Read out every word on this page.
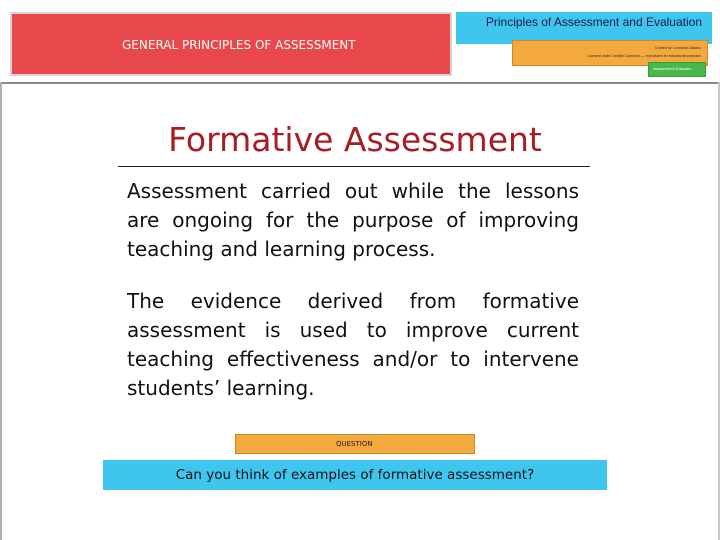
GENERAL PRINCIPLES OF ASSESSMENT
Principles of Assessment and Evaluation
Created by: Leonardo Zaldana
Licensed under Creative Commons — reproduced for educational purposes
Assessment & Evaluation
Formative Assessment
Assessment carried out while the lessons are ongoing for the purpose of improving teaching and learning process.
The evidence derived from formative assessment is used to improve current teaching effectiveness and/or to intervene students’ learning.
QUESTION
Can you think of examples of formative assessment?
